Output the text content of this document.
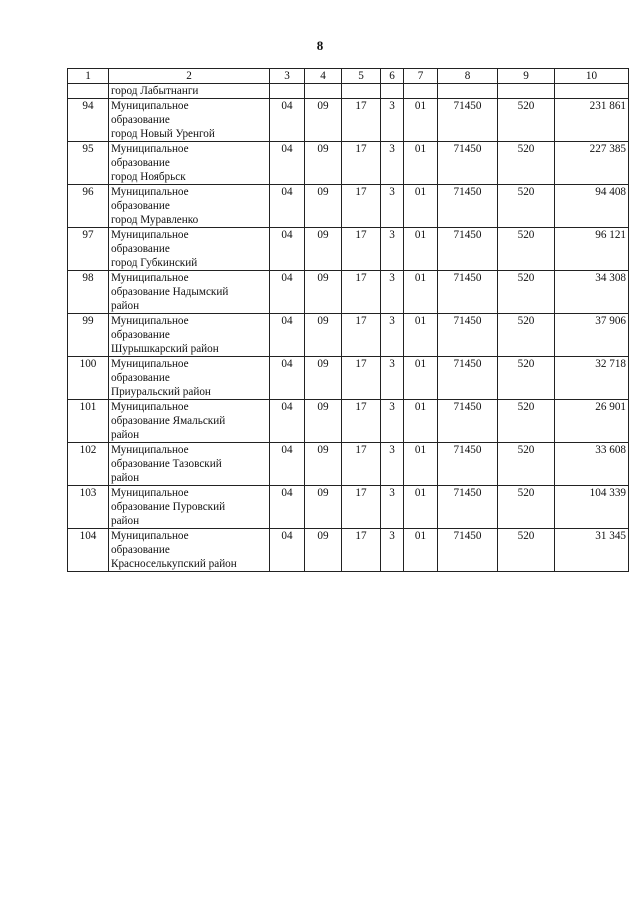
8
1	2	3	4	5	6	7	8	9	10

	город Лабытнанги								

94	Муниципальное
образование
город Новый Уренгой	04	09	17	3	01	71450	520	231 861
95	Муниципальное
образование
город Ноябрьск	04	09	17	3	01	71450	520	227 385
96	Муниципальное
образование
город Муравленко	04	09	17	3	01	71450	520	94 408
97	Муниципальное
образование
город Губкинский	04	09	17	3	01	71450	520	96 121
98	Муниципальное
образование Надымский
район	04	09	17	3	01	71450	520	34 308
99	Муниципальное
образование
Шурышкарский район	04	09	17	3	01	71450	520	37 906
100	Муниципальное
образование
Приуральский район	04	09	17	3	01	71450	520	32 718
101	Муниципальное
образование Ямальский
район	04	09	17	3	01	71450	520	26 901
102	Муниципальное
образование Тазовский
район	04	09	17	3	01	71450	520	33 608
103	Муниципальное
образование Пуровский
район	04	09	17	3	01	71450	520	104 339
104	Муниципальное
образование
Красноселькупский район	04	09	17	3	01	71450	520	31 345
